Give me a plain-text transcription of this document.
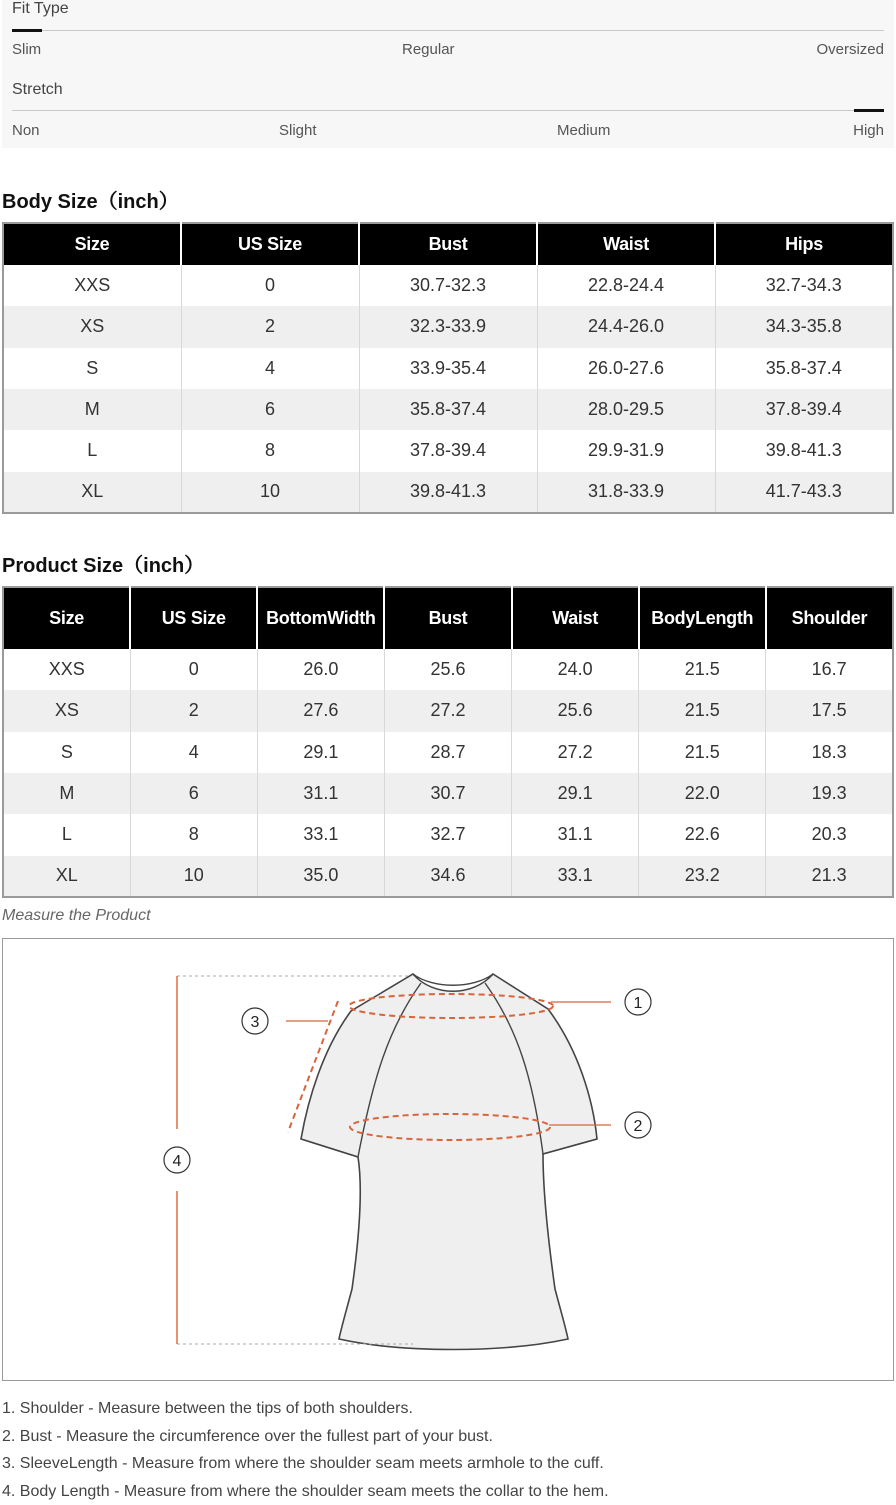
Fit Type
Slim	Regular	Oversized
Stretch
Non	Slight	Medium	High
Body Size（inch）
Size	US Size	Bust	Waist	Hips
XXS	0	30.7-32.3	22.8-24.4	32.7-34.3
XS	2	32.3-33.9	24.4-26.0	34.3-35.8
S	4	33.9-35.4	26.0-27.6	35.8-37.4
M	6	35.8-37.4	28.0-29.5	37.8-39.4
L	8	37.8-39.4	29.9-31.9	39.8-41.3
XL	10	39.8-41.3	31.8-33.9	41.7-43.3
Product Size（inch）
Size	US Size	BottomWidth	Bust	Waist	BodyLength	Shoulder
XXS	0	26.0	25.6	24.0	21.5	16.7
XS	2	27.6	27.2	25.6	21.5	17.5
S	4	29.1	28.7	27.2	21.5	18.3
M	6	31.1	30.7	29.1	22.0	19.3
L	8	33.1	32.7	31.1	22.6	20.3
XL	10	35.0	34.6	33.1	23.2	21.3
Measure the Product
1
2
3
4
1. Shoulder - Measure between the tips of both shoulders.
2. Bust - Measure the circumference over the fullest part of your bust.
3. SleeveLength - Measure from where the shoulder seam meets armhole to the cuff.
4. Body Length - Measure from where the shoulder seam meets the collar to the hem.
